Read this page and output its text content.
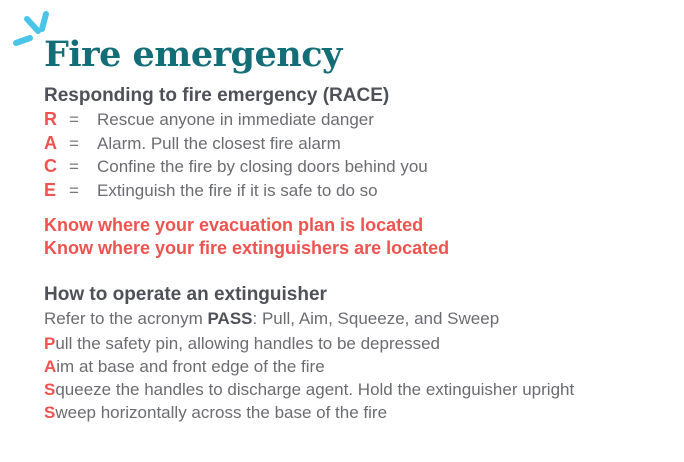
Fire emergency
Responding to fire emergency (RACE)
R =	Rescue anyone in immediate danger
A =	Alarm. Pull the closest fire alarm
C =	Confine the fire by closing doors behind you
E =	Extinguish the fire if it is safe to do so
Know where your evacuation plan is located
Know where your fire extinguishers are located
How to operate an extinguisher
Refer to the acronym PASS: Pull, Aim, Squeeze, and Sweep
Pull the safety pin, allowing handles to be depressed
Aim at base and front edge of the fire
Squeeze the handles to discharge agent. Hold the extinguisher upright
Sweep horizontally across the base of the fire
